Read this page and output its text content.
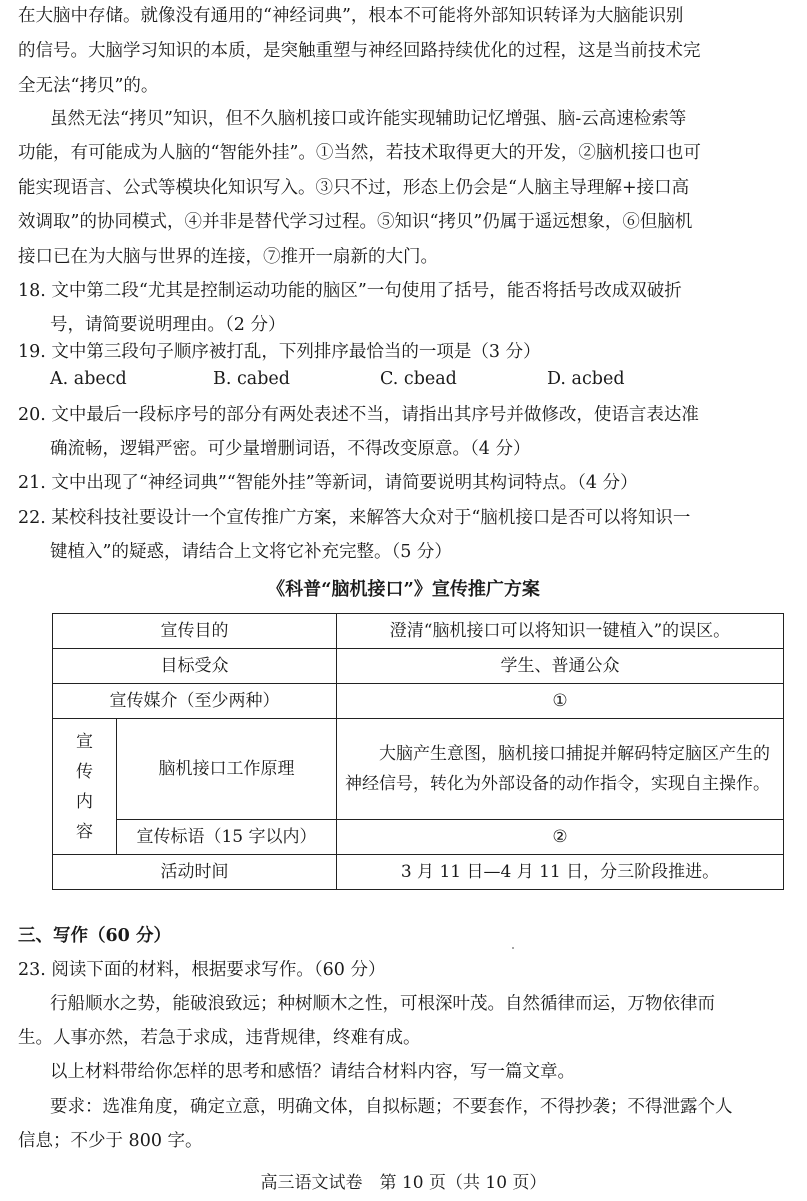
在大脑中存储。就像没有通用的“神经词典”，根本不可能将外部知识转译为大脑能识别
的信号。大脑学习知识的本质，是突触重塑与神经回路持续优化的过程，这是当前技术完
全无法“拷贝”的。
虽然无法“拷贝”知识，但不久脑机接口或许能实现辅助记忆增强、脑-云高速检索等
功能，有可能成为人脑的“智能外挂”。①当然，若技术取得更大的开发，②脑机接口也可
能实现语言、公式等模块化知识写入。③只不过，形态上仍会是“人脑主导理解+接口高
效调取”的协同模式，④并非是替代学习过程。⑤知识“拷贝”仍属于遥远想象，⑥但脑机
接口已在为大脑与世界的连接，⑦推开一扇新的大门。
18. 文中第二段“尤其是控制运动功能的脑区”一句使用了括号，能否将括号改成双破折
号，请简要说明理由。（2 分）
19. 文中第三段句子顺序被打乱，下列排序最恰当的一项是（3 分）
A. abecd	B. cabed	C. cbead	D. acbed
20. 文中最后一段标序号的部分有两处表述不当，请指出其序号并做修改，使语言表达准
确流畅，逻辑严密。可少量增删词语，不得改变原意。（4 分）
21. 文中出现了“神经词典”“智能外挂”等新词，请简要说明其构词特点。（4 分）
22. 某校科技社要设计一个宣传推广方案，来解答大众对于“脑机接口是否可以将知识一
键植入”的疑惑，请结合上文将它补充完整。（5 分）
《科普“脑机接口”》宣传推广方案
宣传目的		澄清“脑机接口可以将知识一键植入”的误区。
目标受众		学生、普通公众
宣传媒介（至少两种）		①
宣传内容	脑机接口工作原理	　　大脑产生意图，脑机接口捕捉并解码特定脑区产生的神经信号，转化为外部设备的动作指令，实现自主操作。
	宣传标语（15 字以内）	②
活动时间		3 月 11 日—4 月 11 日，分三阶段推进。
三、写作（60 分）
23. 阅读下面的材料，根据要求写作。（60 分）
行船顺水之势，能破浪致远；种树顺木之性，可根深叶茂。自然循律而运，万物依律而
生。人事亦然，若急于求成，违背规律，终难有成。
以上材料带给你怎样的思考和感悟？请结合材料内容，写一篇文章。
要求：选准角度，确定立意，明确文体，自拟标题；不要套作，不得抄袭；不得泄露个人
信息；不少于 800 字。
高三语文试卷　第 10 页（共 10 页）
